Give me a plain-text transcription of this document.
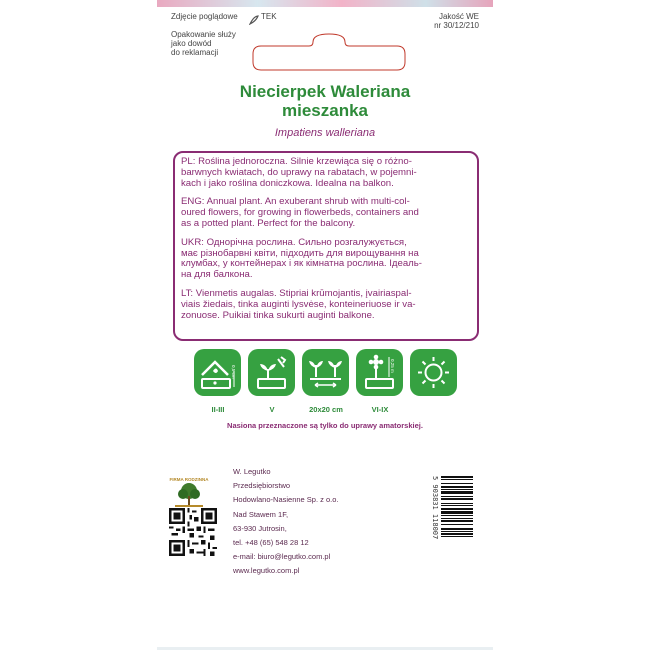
Zdjęcie poglądowe	TEK	Jakość WE
nr 30/12/210
Opakowanie służy
jako dowód
do reklamacji
Niecierpek Waleriana
mieszanka
Impatiens walleriana

PL: Roślina jednoroczna. Silnie krzewiąca się o różno-
barwnych kwiatach, do uprawy na rabatach, w pojemni-
kach i jako roślina doniczkowa. Idealna na balkon.

ENG: Annual plant. An exuberant shrub with multi-col-
oured flowers, for growing in flowerbeds, containers and
as a potted plant. Perfect for the balcony.

UKR: Однорічна рослина. Сильно розгалужується,
має різнобарвні квіти, підходить для вирощування на
клумбах, у контейнерах і як кімнатна рослина. Ідеаль-
на для балкона.

LT: Vienmetis augalas. Stipriai krūmojantis, įvairiaspal-
viais žiedais, tinka auginti lysvėse, konteineriuose ir va-
zonuose. Puikiai tinka sukurti auginti balkone.

0,5 cm	0,25 m
II-III	V	20x20 cm	VI-IX
Nasiona przeznaczone są tylko do uprawy amatorskiej.
FIRMA RODZINNA
W. Legutko
Przedsiębiorstwo
Hodowlano-Nasienne Sp. z o.o.
Nad Stawem 1F,
63-930 Jutrosin,
tel. +48 (65) 548 28 12
e-mail: biuro@legutko.com.pl
www.legutko.com.pl
5 903831 118007
